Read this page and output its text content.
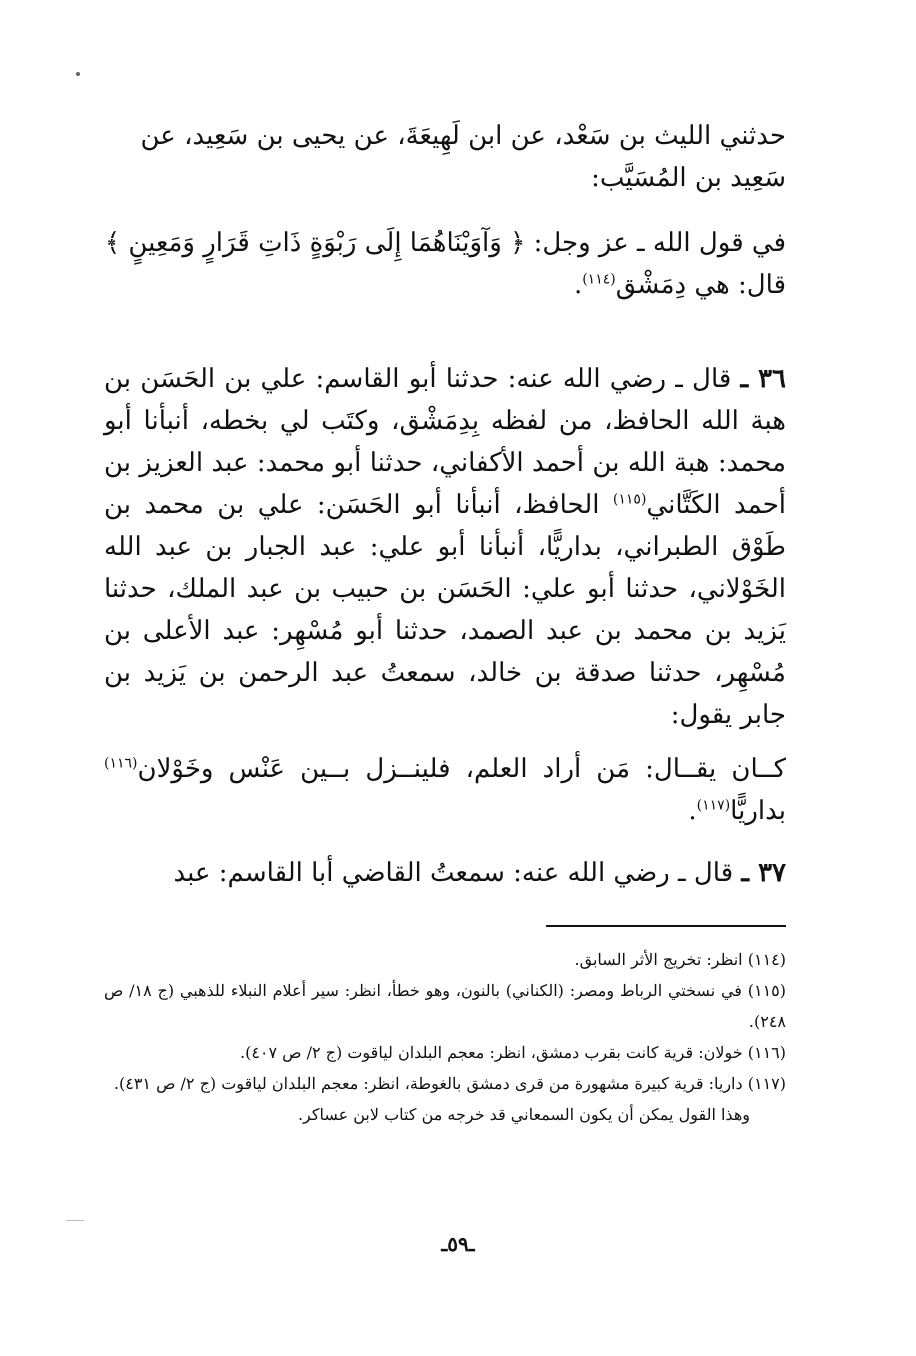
حدثني الليث بن سَعْد، عن ابن لَهِيعَةَ، عن يحيى بن سَعِيد، عن

سَعِيد بن المُسَيَّب:

في قول الله ـ عز وجل: ﴿ وَآوَيْنَاهُمَا إِلَى رَبْوَةٍ ذَاتِ قَرَارٍ وَمَعِينٍ ﴾

قال: هي دِمَشْق$^{(١١٤)}$.

٣٦ ـ قال ـ رضي الله عنه: حدثنا أبو القاسم: علي بن الحَسَن بن هبة الله الحافظ، من لفظه بِدِمَشْق، وكتَب لي بخطه، أنبأنا أبو محمد: هبة الله بن أحمد الأكفاني، حدثنا أبو محمد: عبد العزيز بن أحمد الكَتَّاني$^{(١١٥)}$ الحافظ، أنبأنا أبو الحَسَن: علي بن محمد بن طَوْق الطبراني، بداريًّا، أنبأنا أبو علي: عبد الجبار بن عبد الله الخَوْلاني، حدثنا أبو علي: الحَسَن بن حبيب بن عبد الملك، حدثنا يَزيد بن محمد بن عبد الصمد، حدثنا أبو مُسْهِر: عبد الأعلى بن مُسْهِر، حدثنا صدقة بن خالد، سمعتُ عبد الرحمن بن يَزيد بن جابر يقول:

كــان يقــال: مَن أراد العلم، فلينــزل بــين عَنْس وخَوْلان$^{(١١٦)}$ بداريًّا$^{(١١٧)}$.

٣٧ ـ قال ـ رضي الله عنه: سمعتُ القاضي أبا القاسم: عبد

(١١٤) انظر: تخريج الأثر السابق.

(١١٥) في نسختي الرباط ومصر: (الكناني) بالنون، وهو خطأ، انظر: سير أعلام النبلاء للذهبي (ج ١٨/ ص ٢٤٨).

(١١٦) خولان: قرية كانت بقرب دمشق، انظر: معجم البلدان لياقوت (ج ٢/ ص ٤٠٧).

(١١٧) داريا: قرية كبيرة مشهورة من قرى دمشق بالغوطة، انظر: معجم البلدان لياقوت (ج ٢/ ص ٤٣١).

وهذا القول يمكن أن يكون السمعاني قد خرجه من كتاب لابن عساكر.

ـ٥٩ـ
